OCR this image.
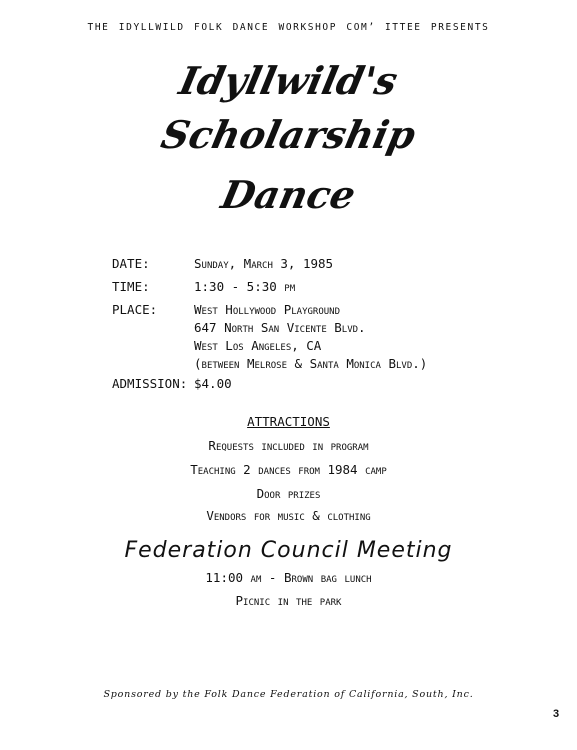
THE IDYLLWILD FOLK DANCE WORKSHOP COM’ ITTEE PRESENTS
Idyllwild's
Scholarship
Dance
DATE:	Sunday, March 3, 1985
TIME:	1:30 - 5:30 pm
PLACE:	West Hollywood Playground
647 North San Vicente Blvd.
West Los Angeles, CA
(between Melrose & Santa Monica Blvd.)
ADMISSION: $4.00
ATTRACTIONS
Requests included in program
Teaching 2 dances from 1984 camp
Door prizes
Vendors for music & clothing
Federation Council Meeting
11:00 am - Brown bag lunch
Picnic in the park
Sponsored by the Folk Dance Federation of California, South, Inc.
3
